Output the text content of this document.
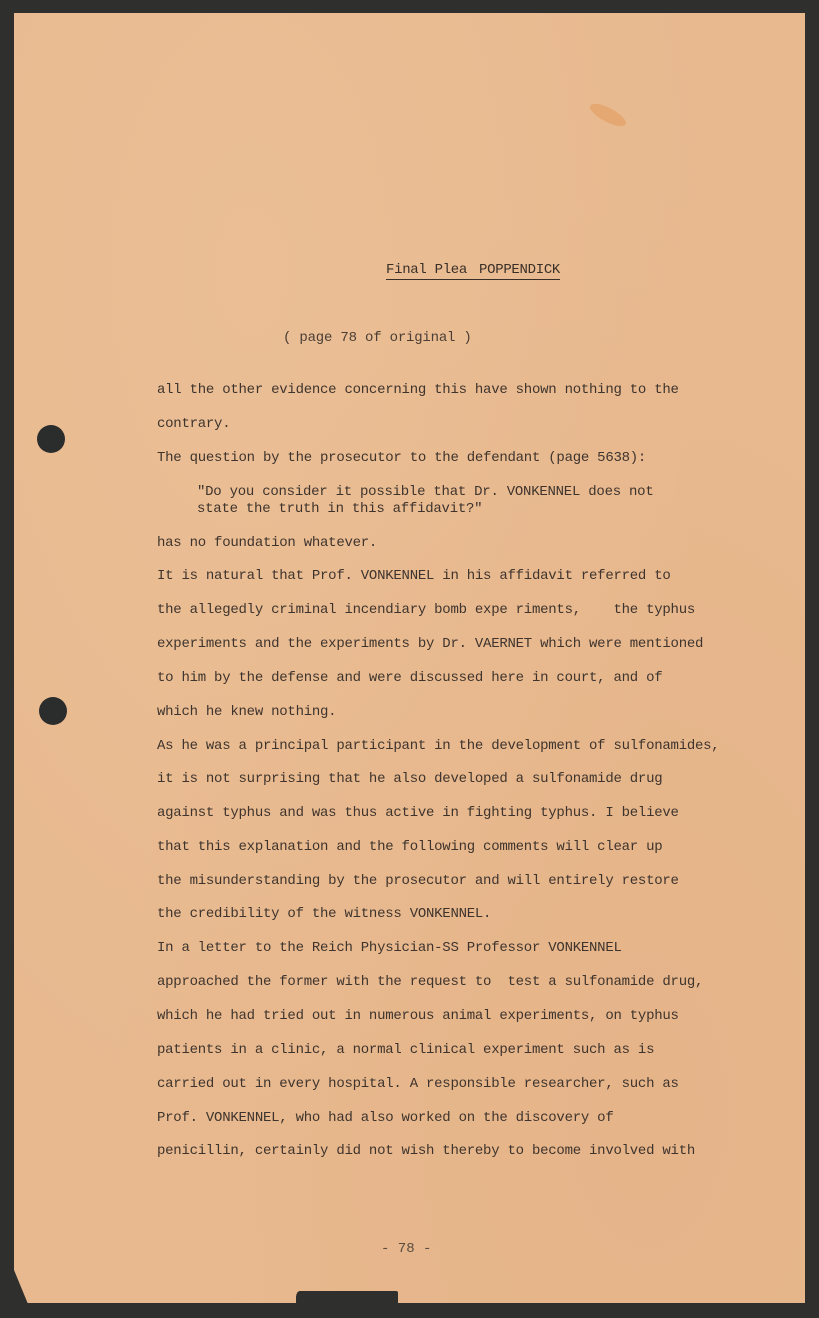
Final Plea POPPENDICK
( page 78 of original )
all the other evidence concerning this have shown nothing to the
contrary.
The question by the prosecutor to the defendant (page 5638):
"Do you consider it possible that Dr. VONKENNEL does not
state the truth in this affidavit?"
has no foundation whatever.
It is natural that Prof. VONKENNEL in his affidavit referred to
the allegedly criminal incendiary bomb expe riments,    the typhus
experiments and the experiments by Dr. VAERNET which were mentioned
to him by the defense and were discussed here in court, and of
which he knew nothing.
As he was a principal participant in the development of sulfonamides,
it is not surprising that he also developed a sulfonamide drug
against typhus and was thus active in fighting typhus. I believe
that this explanation and the following comments will clear up
the misunderstanding by the prosecutor and will entirely restore
the credibility of the witness VONKENNEL.
In a letter to the Reich Physician-SS Professor VONKENNEL
approached the former with the request to  test a sulfonamide drug,
which he had tried out in numerous animal experiments, on typhus
patients in a clinic, a normal clinical experiment such as is
carried out in every hospital. A responsible researcher, such as
Prof. VONKENNEL, who had also worked on the discovery of
penicillin, certainly did not wish thereby to become involved with
- 78 -
